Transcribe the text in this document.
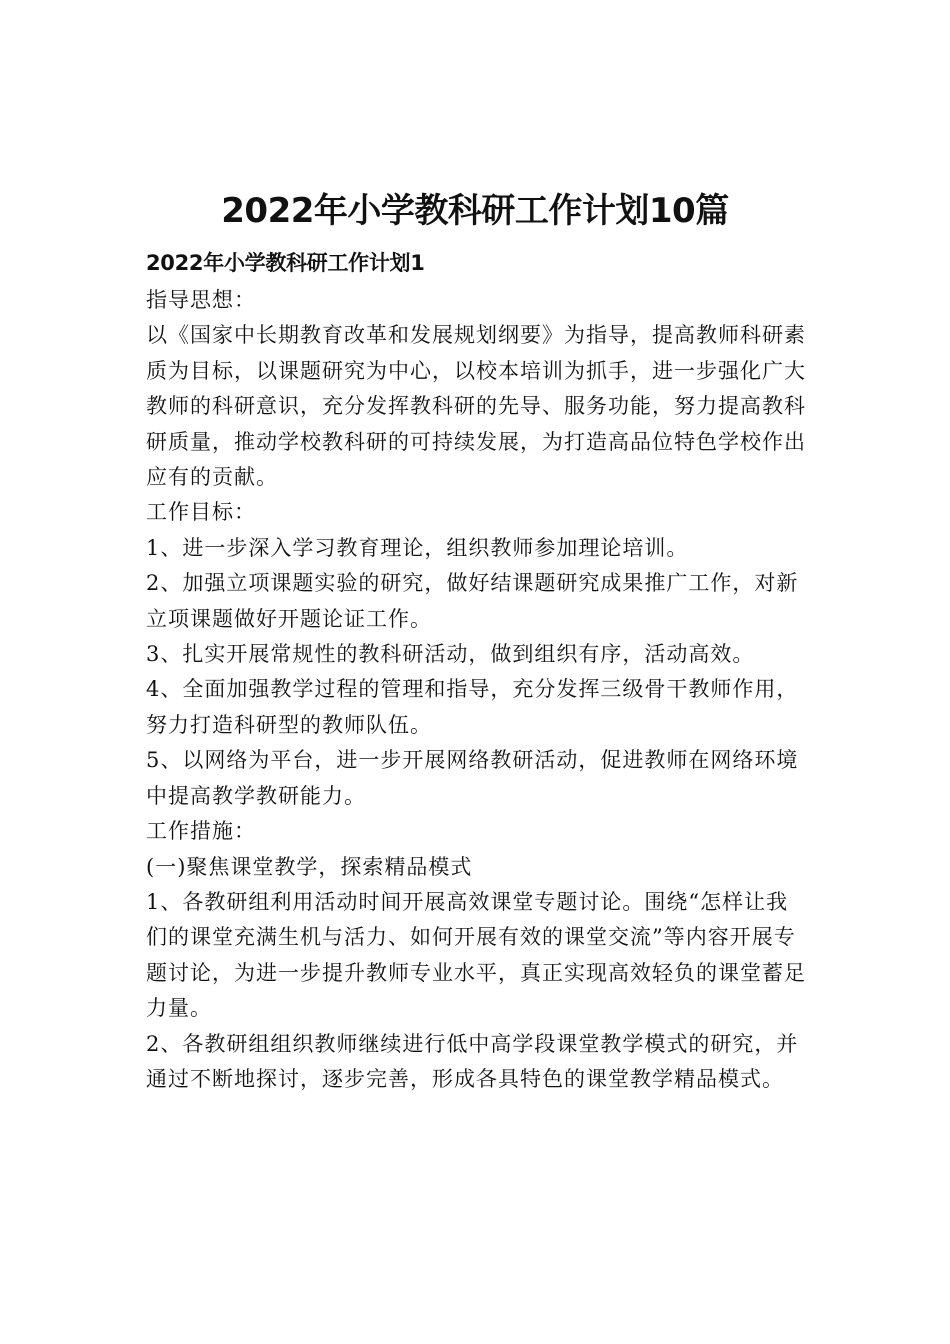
2022年小学教科研工作计划10篇
2022年小学教科研工作计划1

指导思想：

以《国家中长期教育改革和发展规划纲要》为指导，提高教师科研素质为目标，以课题研究为中心，以校本培训为抓手，进一步强化广大教师的科研意识，充分发挥教科研的先导、服务功能，努力提高教科研质量，推动学校教科研的可持续发展，为打造高品位特色学校作出应有的贡献。

工作目标：

1、进一步深入学习教育理论，组织教师参加理论培训。

2、加强立项课题实验的研究，做好结课题研究成果推广工作，对新立项课题做好开题论证工作。

3、扎实开展常规性的教科研活动，做到组织有序，活动高效。

4、全面加强教学过程的管理和指导，充分发挥三级骨干教师作用，努力打造科研型的教师队伍。

5、以网络为平台，进一步开展网络教研活动，促进教师在网络环境中提高教学教研能力。

工作措施：

(一)聚焦课堂教学，探索精品模式

1、各教研组利用活动时间开展高效课堂专题讨论。围绕“怎样让我们的课堂充满生机与活力、如何开展有效的课堂交流”等内容开展专题讨论，为进一步提升教师专业水平，真正实现高效轻负的课堂蓄足力量。

2、各教研组组织教师继续进行低中高学段课堂教学模式的研究，并通过不断地探讨，逐步完善，形成各具特色的课堂教学精品模式。
